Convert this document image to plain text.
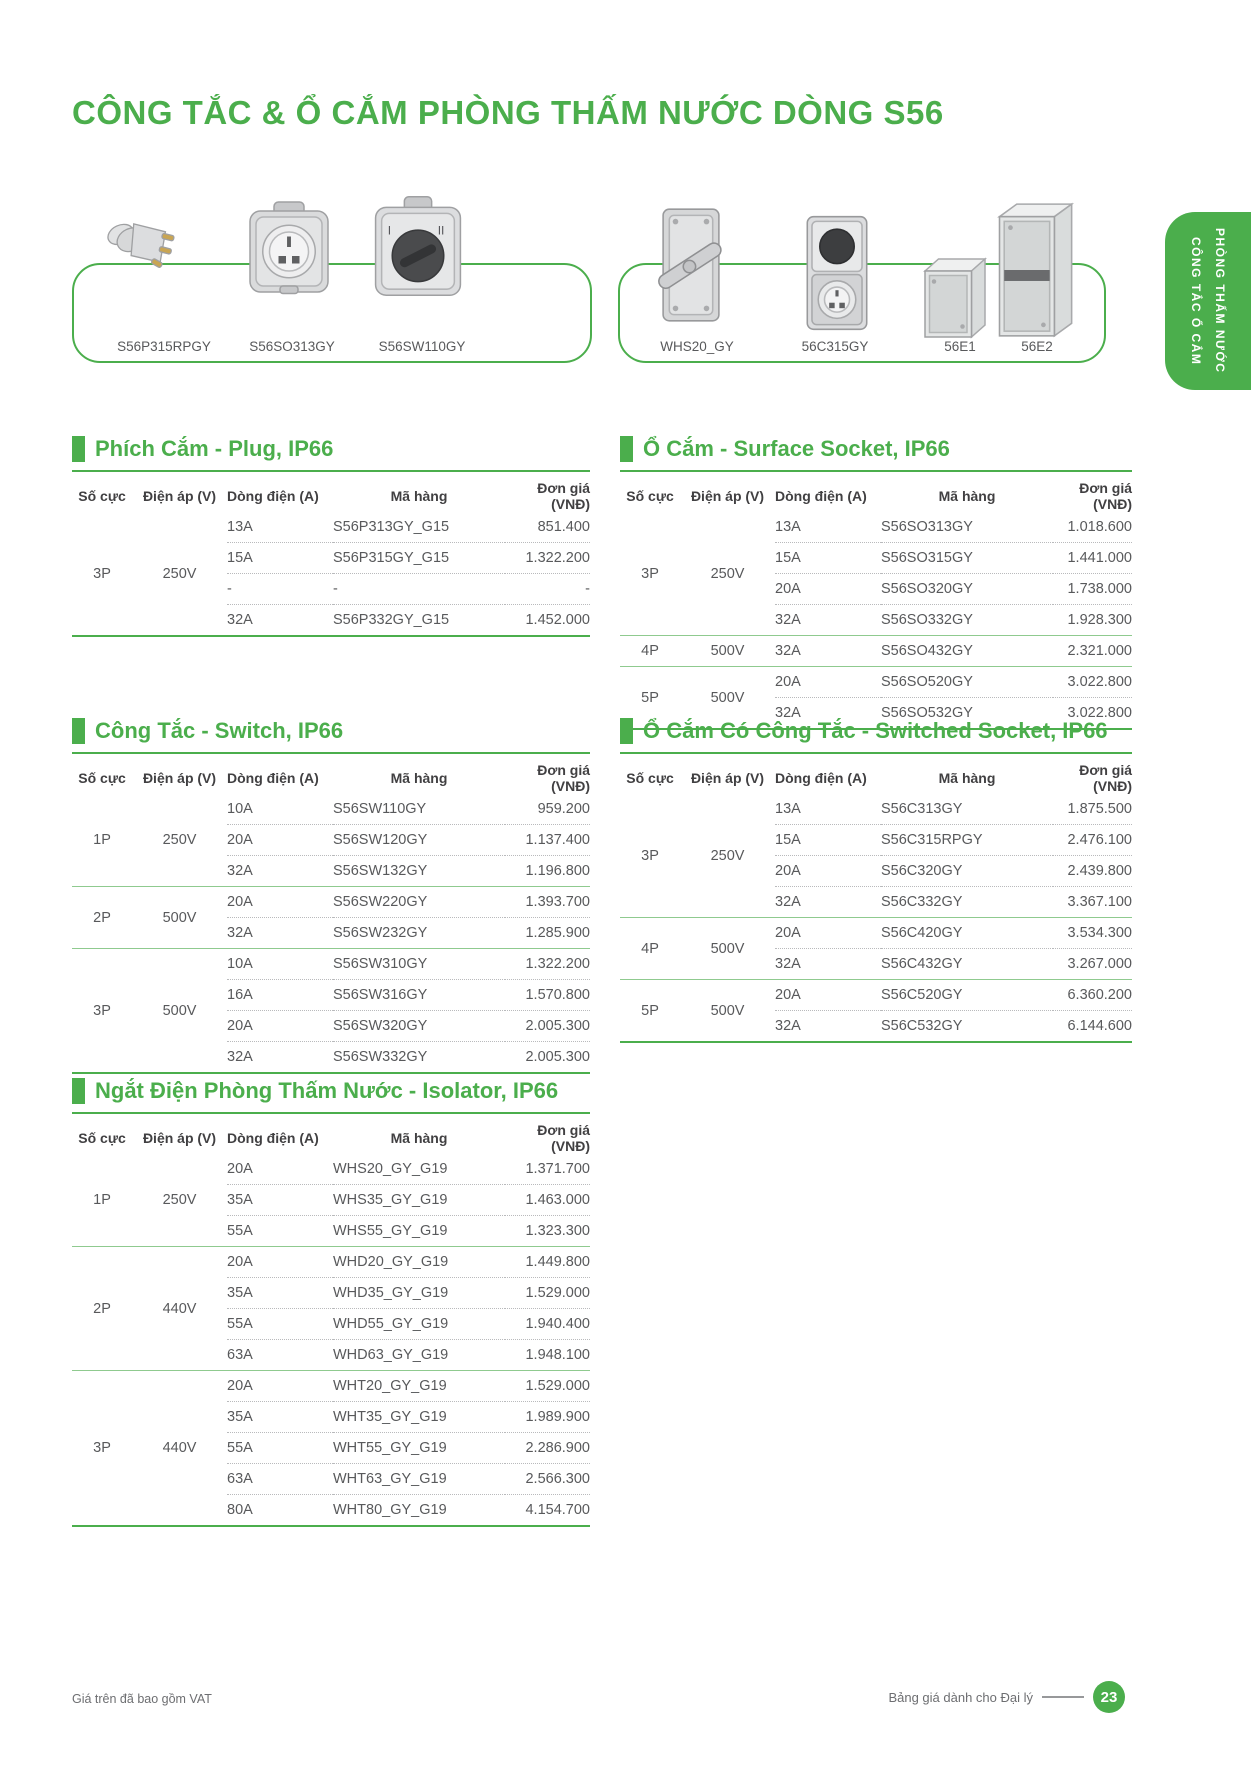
CÔNG TẮC & Ổ CẮM PHÒNG THẤM NƯỚC DÒNG S56
S56P315RPGY	S56SO313GY	S56SW110GY	WHS20_GY	56C315GY	56E1	56E2
I	II
CÔNG TẮC Ổ CẮM PHÒNG THẤM NƯỚC
Phích Cắm - Plug, IP66
Số cực	Điện áp (V)	Dòng điện (A)	Mã hàng	Đơn giá (VNĐ)
3P	250V	13A	S56P313GY_G15	851.400
		15A	S56P315GY_G15	1.322.200
		-	-	-
		32A	S56P332GY_G15	1.452.000
Ổ Cắm - Surface Socket, IP66
Số cực	Điện áp (V)	Dòng điện (A)	Mã hàng	Đơn giá (VNĐ)
3P	250V	13A	S56SO313GY	1.018.600
		15A	S56SO315GY	1.441.000
		20A	S56SO320GY	1.738.000
		32A	S56SO332GY	1.928.300
4P	500V	32A	S56SO432GY	2.321.000
5P	500V	20A	S56SO520GY	3.022.800
		32A	S56SO532GY	3.022.800
Công Tắc - Switch, IP66
Số cực	Điện áp (V)	Dòng điện (A)	Mã hàng	Đơn giá (VNĐ)
1P	250V	10A	S56SW110GY	959.200
		20A	S56SW120GY	1.137.400
		32A	S56SW132GY	1.196.800
2P	500V	20A	S56SW220GY	1.393.700
		32A	S56SW232GY	1.285.900
3P	500V	10A	S56SW310GY	1.322.200
		16A	S56SW316GY	1.570.800
		20A	S56SW320GY	2.005.300
		32A	S56SW332GY	2.005.300
Ổ Cắm Có Công Tắc - Switched Socket, IP66
Số cực	Điện áp (V)	Dòng điện (A)	Mã hàng	Đơn giá (VNĐ)
3P	250V	13A	S56C313GY	1.875.500
		15A	S56C315RPGY	2.476.100
		20A	S56C320GY	2.439.800
		32A	S56C332GY	3.367.100
4P	500V	20A	S56C420GY	3.534.300
		32A	S56C432GY	3.267.000
5P	500V	20A	S56C520GY	6.360.200
		32A	S56C532GY	6.144.600
Ngắt Điện Phòng Thấm Nước - Isolator, IP66
Số cực	Điện áp (V)	Dòng điện (A)	Mã hàng	Đơn giá (VNĐ)
1P	250V	20A	WHS20_GY_G19	1.371.700
		35A	WHS35_GY_G19	1.463.000
		55A	WHS55_GY_G19	1.323.300
2P	440V	20A	WHD20_GY_G19	1.449.800
		35A	WHD35_GY_G19	1.529.000
		55A	WHD55_GY_G19	1.940.400
		63A	WHD63_GY_G19	1.948.100
3P	440V	20A	WHT20_GY_G19	1.529.000
		35A	WHT35_GY_G19	1.989.900
		55A	WHT55_GY_G19	2.286.900
		63A	WHT63_GY_G19	2.566.300
		80A	WHT80_GY_G19	4.154.700
Giá trên đã bao gồm VAT	Bảng giá dành cho Đại lý	23
